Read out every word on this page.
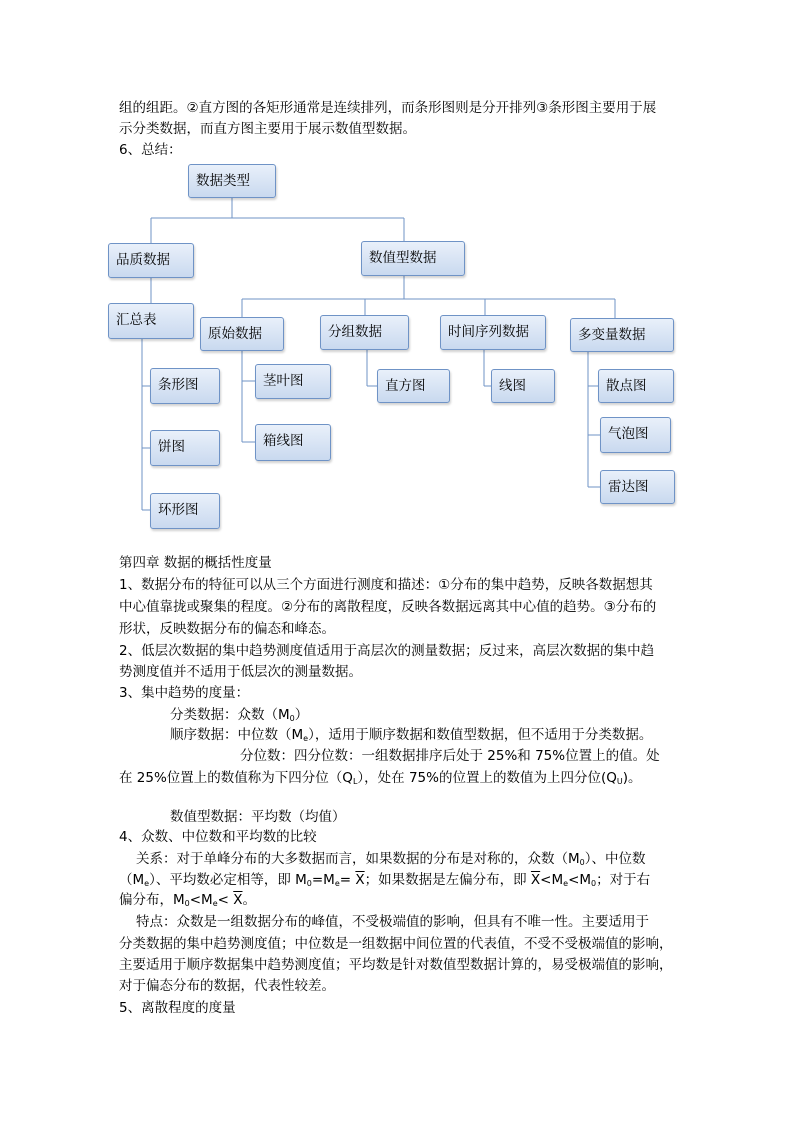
组的组距。②直方图的各矩形通常是连续排列，而条形图则是分开排列③条形图主要用于展
示分类数据，而直方图主要用于展示数值型数据。
6、总结：
数据类型
品质数据	数值型数据
汇总表
条形图
饼图
环形图
原始数据
茎叶图
箱线图
分组数据
直方图
时间序列数据
线图
多变量数据
散点图
气泡图
雷达图
第四章 数据的概括性度量
1、数据分布的特征可以从三个方面进行测度和描述：①分布的集中趋势，反映各数据想其
中心值靠拢或聚集的程度。②分布的离散程度，反映各数据远离其中心值的趋势。③分布的
形状，反映数据分布的偏态和峰态。
2、低层次数据的集中趋势测度值适用于高层次的测量数据；反过来，高层次数据的集中趋
势测度值并不适用于低层次的测量数据。
3、集中趋势的度量：
分类数据：众数$(M_0)$
顺序数据：中位数$(M_e)$，适用于顺序数据和数值型数据，但不适用于分类数据。
分位数：四分位数：一组数据排序后处于 25%和 75%位置上的值。处
在 25%位置上的数值称为下四分位$(Q_L)$，处在 75%的位置上的数值为上四分位$(Q_U)$。
数值型数据：平均数（均值）
4、众数、中位数和平均数的比较
关系：对于单峰分布的大多数据而言，如果数据的分布是对称的，众数$(M_0)$、中位数
$(M_e)$、平均数必定相等，即 $M_0=M_e= \overline{X}$；如果数据是左偏分布，即 $\overline{X}<M_e<M_0$；对于右
偏分布，$M_0<M_e< \overline{X}$。
特点：众数是一组数据分布的峰值，不受极端值的影响，但具有不唯一性。主要适用于
分类数据的集中趋势测度值；中位数是一组数据中间位置的代表值，不受不受极端值的影响，
主要适用于顺序数据集中趋势测度值；平均数是针对数值型数据计算的，易受极端值的影响，
对于偏态分布的数据，代表性较差。
5、离散程度的度量
